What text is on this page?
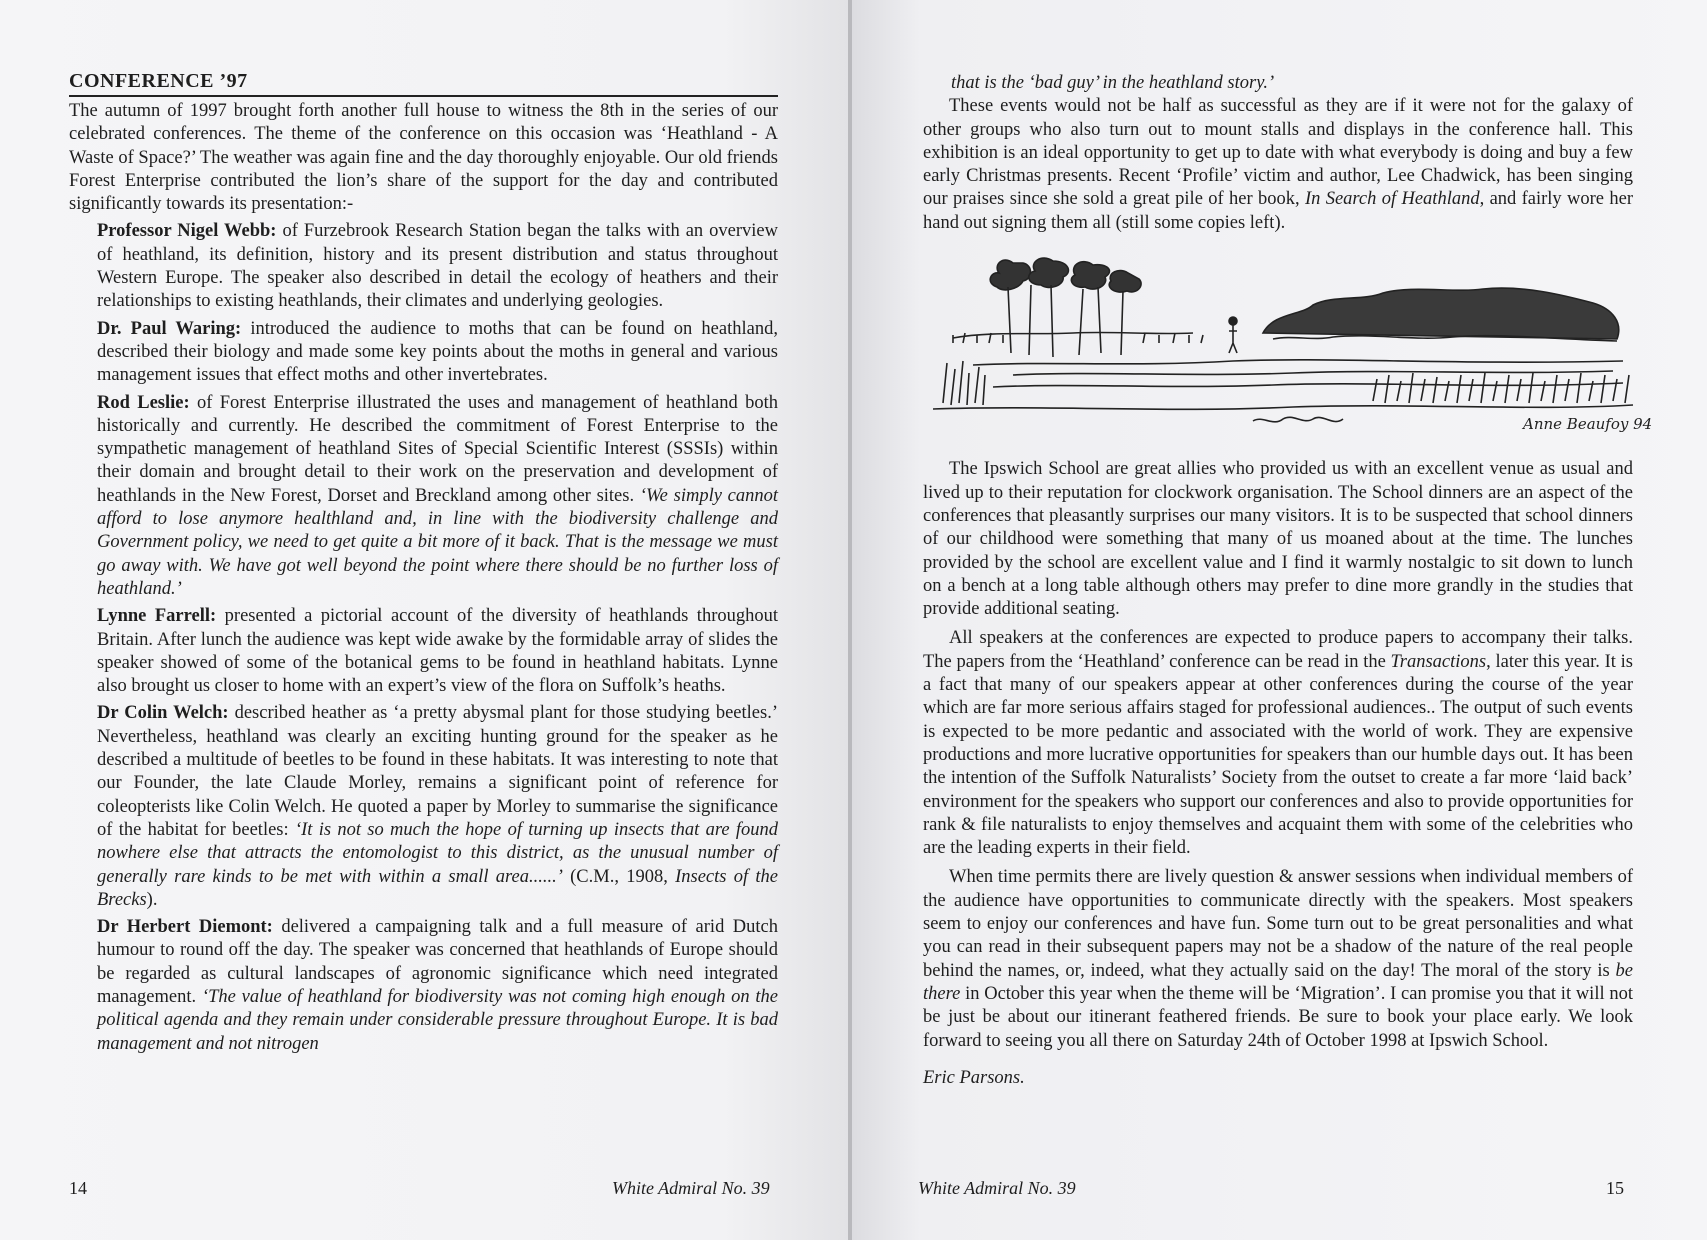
CONFERENCE ’97

The autumn of 1997 brought forth another full house to witness the 8th in the series of our celebrated conferences. The theme of the conference on this occasion was ‘Heathland - A Waste of Space?’ The weather was again fine and the day thoroughly enjoyable. Our old friends Forest Enterprise contributed the lion’s share of the support for the day and contributed significantly towards its presentation:-

Professor Nigel Webb: of Furzebrook Research Station began the talks with an overview of heathland, its definition, history and its present distribution and status throughout Western Europe. The speaker also described in detail the ecology of heathers and their relationships to existing heathlands, their climates and underlying geologies.

Dr. Paul Waring: introduced the audience to moths that can be found on heathland, described their biology and made some key points about the moths in general and various management issues that effect moths and other invertebrates.

Rod Leslie: of Forest Enterprise illustrated the uses and management of heathland both historically and currently. He described the commitment of Forest Enterprise to the sympathetic management of heathland Sites of Special Scientific Interest (SSSIs) within their domain and brought detail to their work on the preservation and development of heathlands in the New Forest, Dorset and Breckland among other sites. ‘We simply cannot afford to lose anymore healthland and, in line with the biodiversity challenge and Government policy, we need to get quite a bit more of it back. That is the message we must go away with. We have got well beyond the point where there should be no further loss of heathland.’

Lynne Farrell: presented a pictorial account of the diversity of heathlands throughout Britain. After lunch the audience was kept wide awake by the formidable array of slides the speaker showed of some of the botanical gems to be found in heathland habitats. Lynne also brought us closer to home with an expert’s view of the flora on Suffolk’s heaths.

Dr Colin Welch: described heather as ‘a pretty abysmal plant for those studying beetles.’ Nevertheless, heathland was clearly an exciting hunting ground for the speaker as he described a multitude of beetles to be found in these habitats. It was interesting to note that our Founder, the late Claude Morley, remains a significant point of reference for coleopterists like Colin Welch. He quoted a paper by Morley to summarise the significance of the habitat for beetles: ‘It is not so much the hope of turning up insects that are found nowhere else that attracts the entomologist to this district, as the unusual number of generally rare kinds to be met with within a small area......’ (C.M., 1908, Insects of the Brecks).

Dr Herbert Diemont: delivered a campaigning talk and a full measure of arid Dutch humour to round off the day. The speaker was concerned that heathlands of Europe should be regarded as cultural landscapes of agronomic significance which need integrated management. ‘The value of heathland for biodiversity was not coming high enough on the political agenda and they remain under considerable pressure throughout Europe. It is bad management and not nitrogen

14	White Admiral No. 39

that is the ‘bad guy’ in the heathland story.’

These events would not be half as successful as they are if it were not for the galaxy of other groups who also turn out to mount stalls and displays in the conference hall. This exhibition is an ideal opportunity to get up to date with what everybody is doing and buy a few early Christmas presents. Recent ‘Profile’ victim and author, Lee Chadwick, has been singing our praises since she sold a great pile of her book, In Search of Heathland, and fairly wore her hand out signing them all (still some copies left).

Anne Beaufoy 94

The Ipswich School are great allies who provided us with an excellent venue as usual and lived up to their reputation for clockwork organisation. The School dinners are an aspect of the conferences that pleasantly surprises our many visitors. It is to be suspected that school dinners of our childhood were something that many of us moaned about at the time. The lunches provided by the school are excellent value and I find it warmly nostalgic to sit down to lunch on a bench at a long table although others may prefer to dine more grandly in the studies that provide additional seating.

All speakers at the conferences are expected to produce papers to accompany their talks. The papers from the ‘Heathland’ conference can be read in the Transactions, later this year. It is a fact that many of our speakers appear at other conferences during the course of the year which are far more serious affairs staged for professional audiences.. The output of such events is expected to be more pedantic and associated with the world of work. They are expensive productions and more lucrative opportunities for speakers than our humble days out. It has been the intention of the Suffolk Naturalists’ Society from the outset to create a far more ‘laid back’ environment for the speakers who support our conferences and also to provide opportunities for rank & file naturalists to enjoy themselves and acquaint them with some of the celebrities who are the leading experts in their field.

When time permits there are lively question & answer sessions when individual members of the audience have opportunities to communicate directly with the speakers. Most speakers seem to enjoy our conferences and have fun. Some turn out to be great personalities and what you can read in their subsequent papers may not be a shadow of the nature of the real people behind the names, or, indeed, what they actually said on the day! The moral of the story is be there in October this year when the theme will be ‘Migration’. I can promise you that it will not be just be about our itinerant feathered friends. Be sure to book your place early. We look forward to seeing you all there on Saturday 24th of October 1998 at Ipswich School.

Eric Parsons.

White Admiral No. 39	15
